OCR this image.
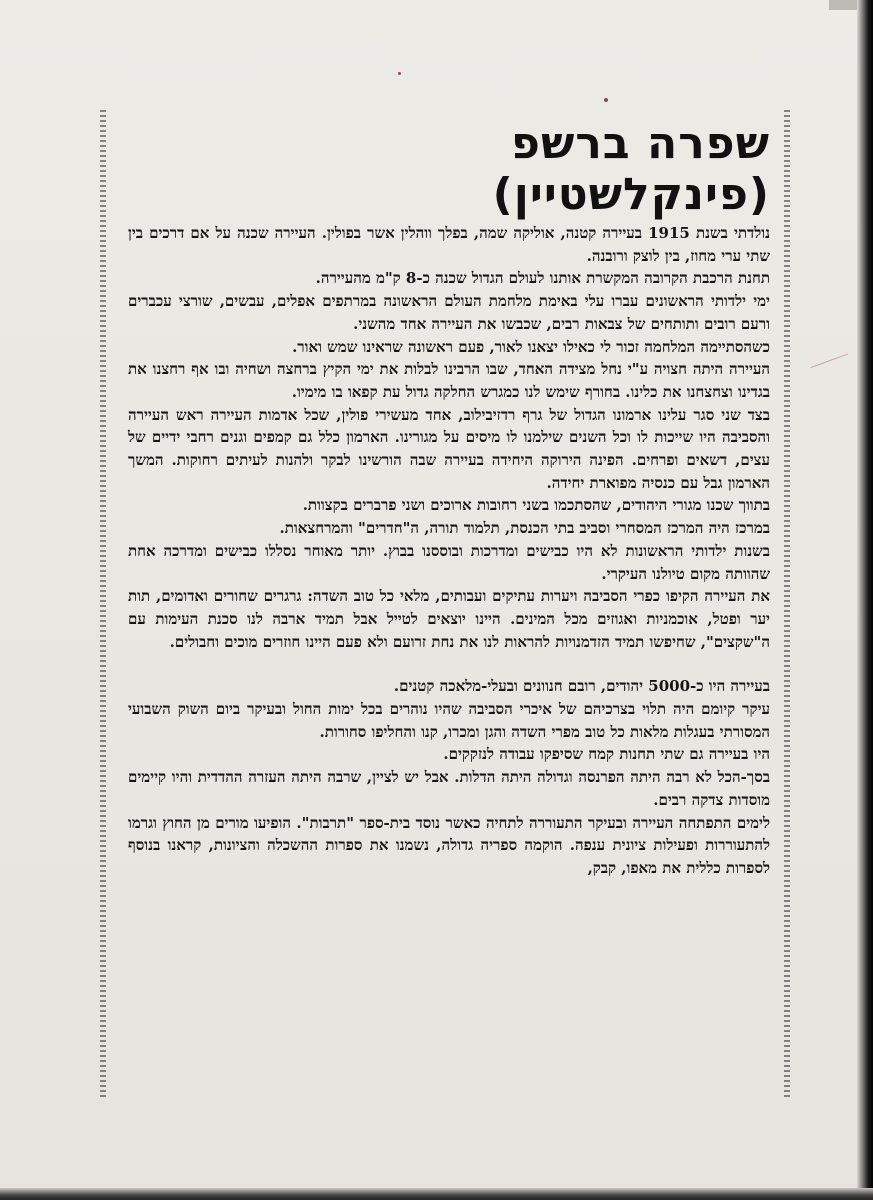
שפרה ברשפ (פינקלשטיין)

נולדתי בשנת 1915 בעיירה קטנה, אוליקה שמה, בפלך ווהלין אשר בפולין. העיירה שכנה על אם דרכים בין שתי ערי מחוז, בין לוצק ורובנה.

תחנת הרכבת הקרובה המקשרת אותנו לעולם הגדול שכנה כ-8 ק"מ מהעיירה.

ימי ילדותי הראשונים עברו עלי באימת מלחמת העולם הראשונה במרתפים אפלים, עבשים, שורצי עכברים ורעם רובים ותותחים של צבאות רבים, שכבשו את העיירה אחד מהשני.

כשהסתיימה המלחמה זכור לי כאילו יצאנו לאור, פעם ראשונה שראינו שמש ואור.

העיירה היתה חצויה ע"י נחל מצידה האחד, שבו הרבינו לבלות את ימי הקיץ ברחצה ושחיה ובו אף רחצנו את בגדינו וצחצחנו את כלינו. בחורף שימש לנו כמגרש החלקה גדול עת קפאו בו מימיו.

בצד שני סגר עלינו ארמונו הגדול של גרף רדזיבילוב, אחד מעשירי פולין, שכל אדמות העיירה ראש העיירה והסביבה היו שייכות לו וכל השנים שילמנו לו מיסים על מגורינו. הארמון כלל גם קמפים וגנים רחבי ידיים של עצים, דשאים ופרחים. הפינה הירוקה היחידה בעיירה שבה הורשינו לבקר ולהנות לעיתים רחוקות. המשך הארמון גבל עם כנסיה מפוארת יחידה.

בתווך שכנו מגורי היהודים, שהסתכמו בשני רחובות ארוכים ושני פרברים בקצוות.

במרכז היה המרכז המסחרי וסביב בתי הכנסת, תלמוד תורה, ה"חדרים" והמרחצאות.

בשנות ילדותי הראשונות לא היו כבישים ומדרכות ובוססנו בבוץ. יותר מאוחר נסללו כבישים ומדרכה אחת שהוותה מקום טיולנו העיקרי.

את העיירה הקיפו כפרי הסביבה ויערות עתיקים ועבותים, מלאי כל טוב השדה: גרגרים שחורים ואדומים, תות יער ופטל, אוכמניות ואגוזים מכל המינים. היינו יוצאים לטייל אבל תמיד ארבה לנו סכנת העימות עם ה"שקצים", שחיפשו תמיד הזדמנויות להראות לנו את נחת זרועם ולא פעם היינו חוזרים מוכים וחבולים.

בעיירה היו כ-5000 יהודים, רובם חנוונים ובעלי-מלאכה קטנים.

עיקר קיומם היה תלוי בצרכיהם של איכרי הסביבה שהיו נוהרים בכל ימות החול ובעיקר ביום השוק השבועי המסורתי בעגלות מלאות כל טוב מפרי השדה והגן ומכרו, קנו והחליפו סחורות.

היו בעיירה גם שתי תחנות קמח שסיפקו עבודה לנזקקים.

בסך-הכל לא רבה היתה הפרנסה וגדולה היתה הדלות. אבל יש לציין, שרבה היתה העזרה ההדדית והיו קיימים מוסדות צדקה רבים.

לימים התפתחה העיירה ובעיקר התעוררה לתחיה כאשר נוסד בית-ספר "תרבות". הופיעו מורים מן החוץ וגרמו להתעוררות ופעילות ציונית ענפה. הוקמה ספריה גדולה, נשמנו את ספרות ההשכלה והציונות, קראנו בנוסף לספרות כללית את מאפו, קבק,
